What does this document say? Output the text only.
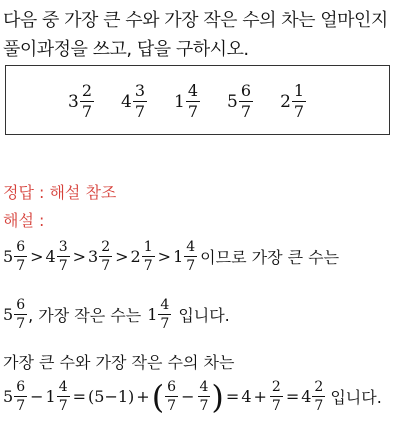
다음 중 가장 큰 수와 가장 작은 수의 차는 얼마인지
풀이과정을 쓰고, 답을 구하시오.
$3 \frac{2}{7} 4 \frac{3}{7} 1 \frac{4}{7} 5 \frac{6}{7} 2 \frac{1}{7}$
정답 : 해설 참조
해설 :
$5 \frac{6}{7} > 4 \frac{3}{7} > 3 \frac{2}{7} > 2 \frac{1}{7} > 1 \frac{4}{7}$ 이므로 가장 큰 수는
$5 \frac{6}{7}$ , 가장 작은 수는 $1 \frac{4}{7}$ 입니다.
가장 큰 수와 가장 작은 수의 차는
$5 \frac{6}{7} - 1 \frac{4}{7} = (5-1)$ + ( $\frac{6}{7} - \frac{4}{7}$ ) = $4 + \frac{2}{7} = 4 \frac{2}{7}$ 입니다.
